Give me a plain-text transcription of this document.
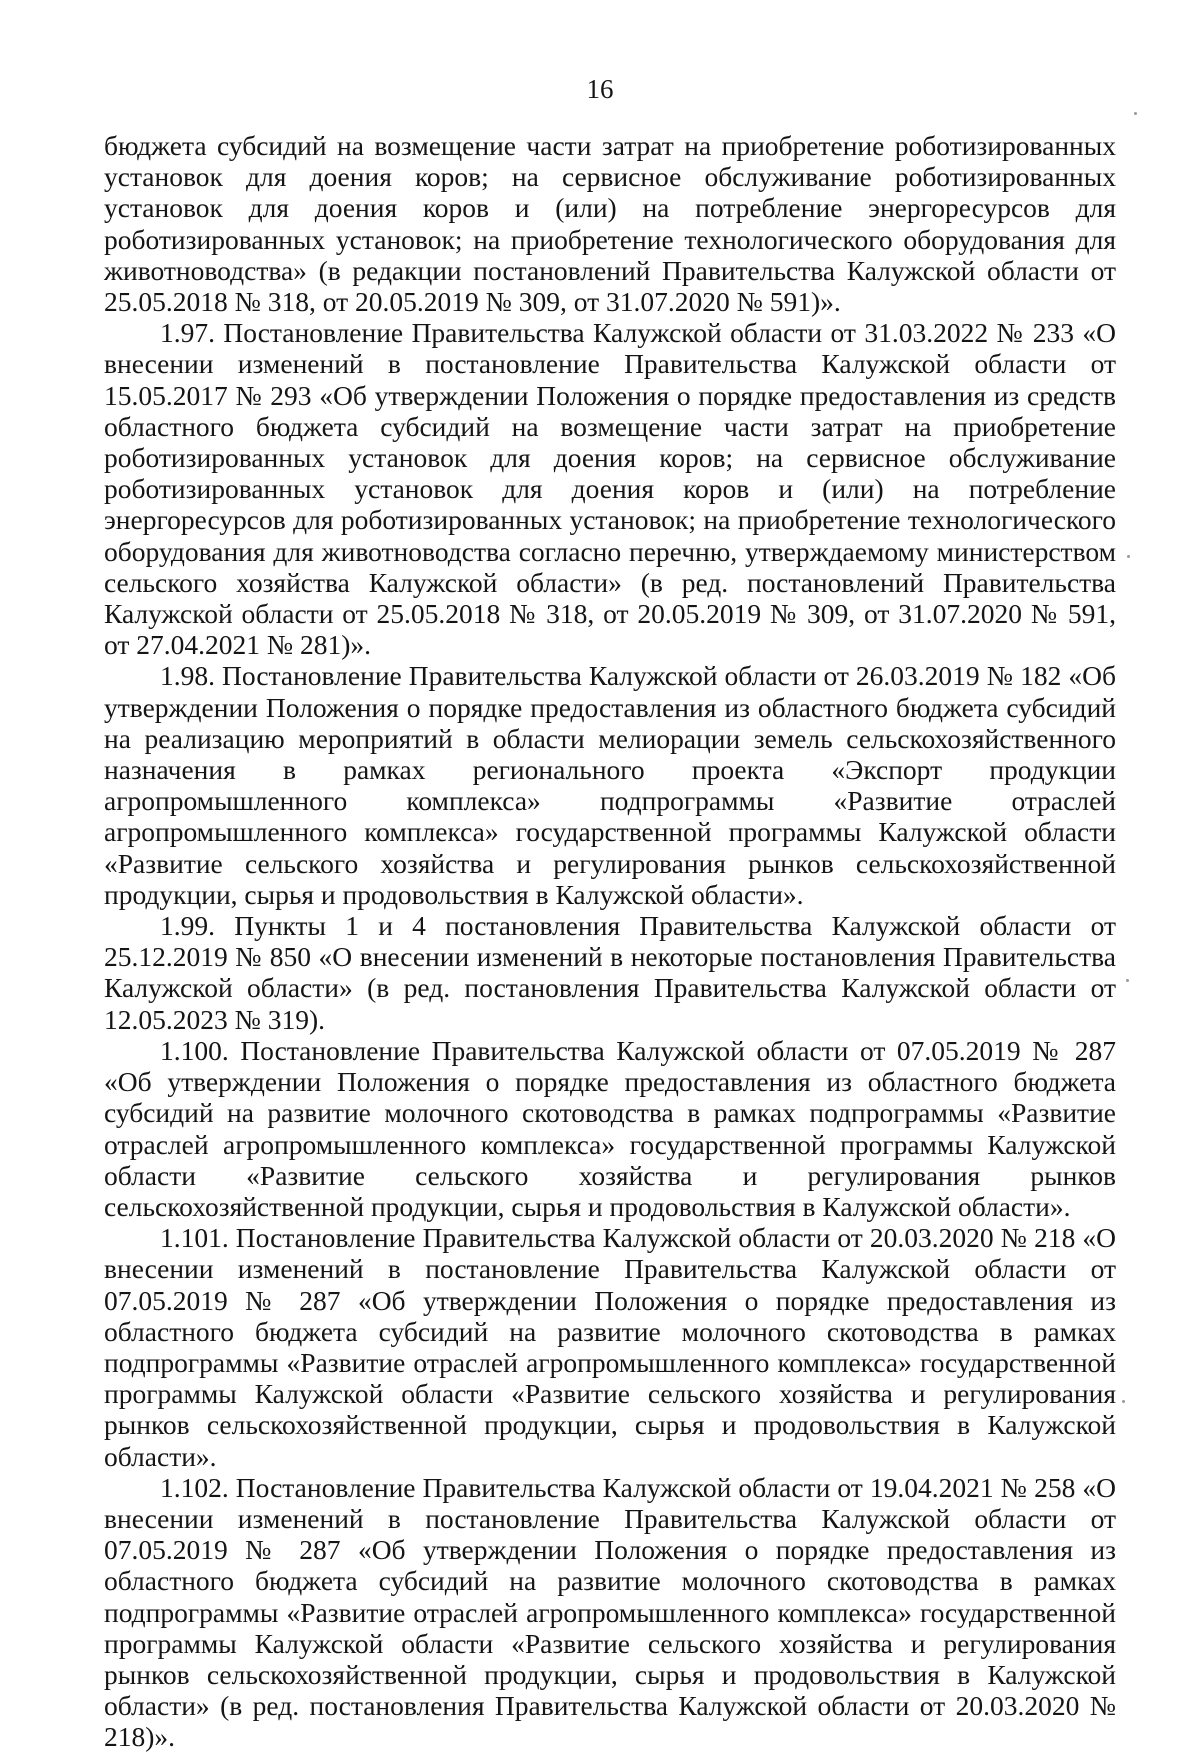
16

бюджета субсидий на возмещение части затрат на приобретение роботизированных установок для доения коров; на сервисное обслуживание роботизированных установок для доения коров и (или) на потребление энергоресурсов для роботизированных установок; на приобретение технологического оборудования для животноводства» (в редакции постановлений Правительства Калужской области от 25.05.2018 № 318, от 20.05.2019 № 309, от 31.07.2020 № 591)».

1.97. Постановление Правительства Калужской области от 31.03.2022 № 233 «О внесении изменений в постановление Правительства Калужской области от 15.05.2017 № 293 «Об утверждении Положения о порядке предоставления из средств областного бюджета субсидий на возмещение части затрат на приобретение роботизированных установок для доения коров; на сервисное обслуживание роботизированных установок для доения коров и (или) на потребление энергоресурсов для роботизированных установок; на приобретение технологического оборудования для животноводства согласно перечню, утверждаемому министерством сельского хозяйства Калужской области» (в ред. постановлений Правительства Калужской области от 25.05.2018 № 318, от 20.05.2019 № 309, от 31.07.2020 № 591, от 27.04.2021 № 281)».

1.98. Постановление Правительства Калужской области от 26.03.2019 № 182 «Об утверждении Положения о порядке предоставления из областного бюджета субсидий на реализацию мероприятий в области мелиорации земель сельскохозяйственного назначения в рамках регионального проекта «Экспорт продукции агропромышленного комплекса» подпрограммы «Развитие отраслей агропромышленного комплекса» государственной программы Калужской области «Развитие сельского хозяйства и регулирования рынков сельскохозяйственной продукции, сырья и продовольствия в Калужской области».

1.99. Пункты 1 и 4 постановления Правительства Калужской области от 25.12.2019 № 850 «О внесении изменений в некоторые постановления Правительства Калужской области» (в ред. постановления Правительства Калужской области от 12.05.2023 № 319).

1.100. Постановление Правительства Калужской области от 07.05.2019 № 287 «Об утверждении Положения о порядке предоставления из областного бюджета субсидий на развитие молочного скотоводства в рамках подпрограммы «Развитие отраслей агропромышленного комплекса» государственной программы Калужской области «Развитие сельского хозяйства и регулирования рынков сельскохозяйственной продукции, сырья и продовольствия в Калужской области».

1.101. Постановление Правительства Калужской области от 20.03.2020 № 218 «О внесении изменений в постановление Правительства Калужской области от 07.05.2019 № 287 «Об утверждении Положения о порядке предоставления из областного бюджета субсидий на развитие молочного скотоводства в рамках подпрограммы «Развитие отраслей агропромышленного комплекса» государственной программы Калужской области «Развитие сельского хозяйства и регулирования рынков сельскохозяйственной продукции, сырья и продовольствия в Калужской области».

1.102. Постановление Правительства Калужской области от 19.04.2021 № 258 «О внесении изменений в постановление Правительства Калужской области от 07.05.2019 № 287 «Об утверждении Положения о порядке предоставления из областного бюджета субсидий на развитие молочного скотоводства в рамках подпрограммы «Развитие отраслей агропромышленного комплекса» государственной программы Калужской области «Развитие сельского хозяйства и регулирования рынков сельскохозяйственной продукции, сырья и продовольствия в Калужской области» (в ред. постановления Правительства Калужской области от 20.03.2020 № 218)».
